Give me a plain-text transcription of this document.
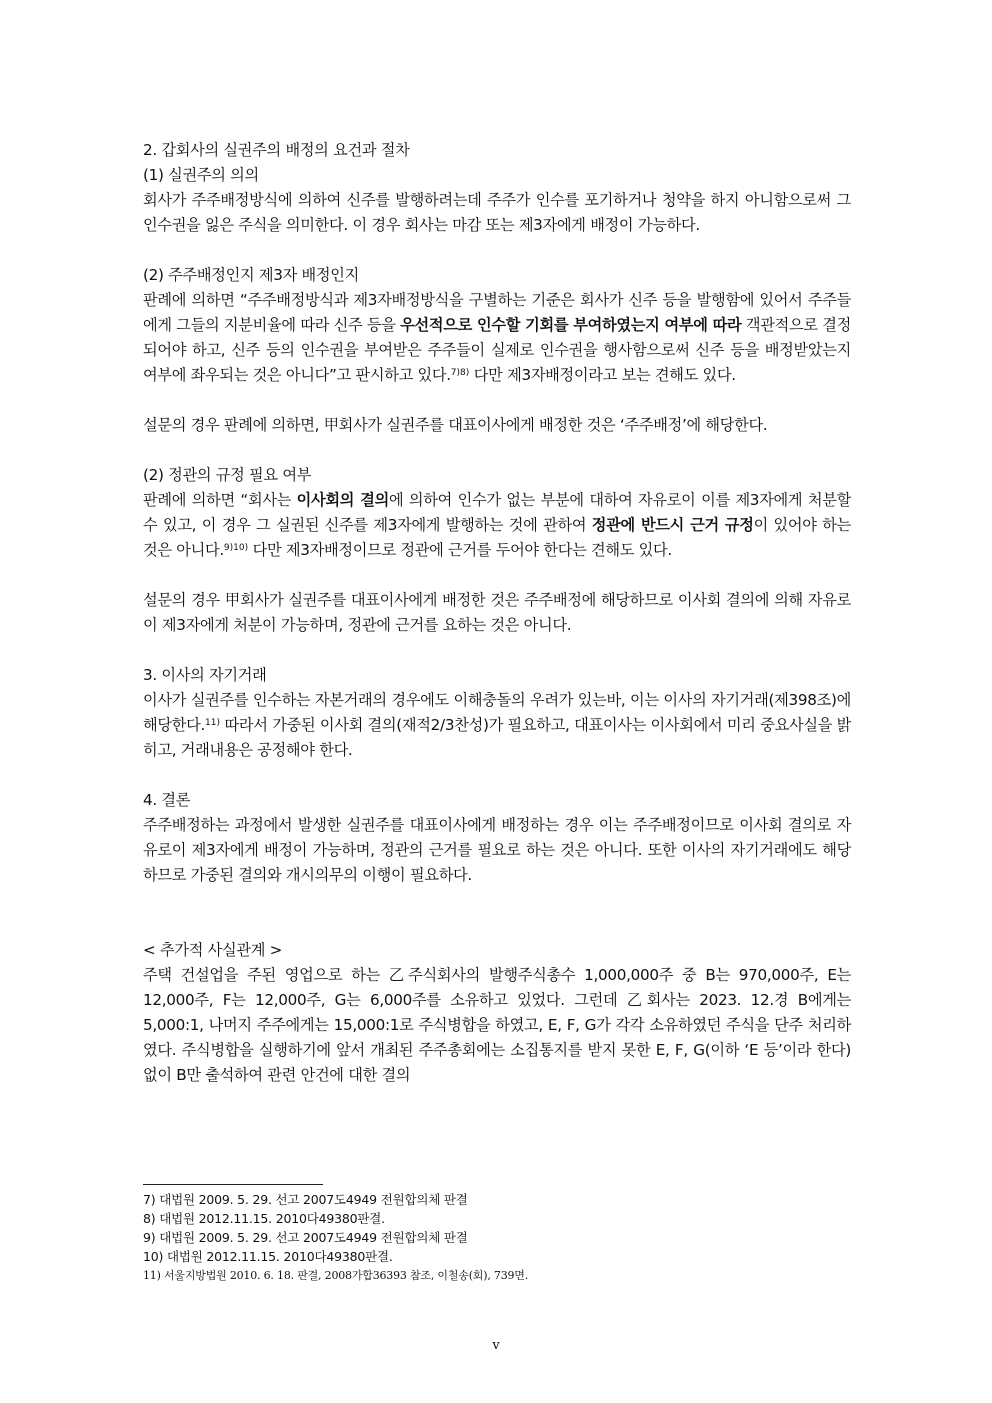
2. 갑회사의 실권주의 배정의 요건과 절차
(1) 실권주의 의의

회사가 주주배정방식에 의하여 신주를 발행하려는데 주주가 인수를 포기하거나 청약을 하지 아니함으로써 그 인수권을 잃은 주식을 의미한다. 이 경우 회사는 마감 또는 제3자에게 배정이 가능하다.

(2) 주주배정인지 제3자 배정인지

판례에 의하면 “주주배정방식과 제3자배정방식을 구별하는 기준은 회사가 신주 등을 발행함에 있어서 주주들에게 그들의 지분비율에 따라 신주 등을 우선적으로 인수할 기회를 부여하였는지 여부에 따라 객관적으로 결정되어야 하고, 신주 등의 인수권을 부여받은 주주들이 실제로 인수권을 행사함으로써 신주 등을 배정받았는지 여부에 좌우되는 것은 아니다”고 판시하고 있다.$^{7)8)}$ 다만 제3자배정이라고 보는 견해도 있다.

설문의 경우 판례에 의하면, 甲회사가 실권주를 대표이사에게 배정한 것은 ‘주주배정’에 해당한다.

(2) 정관의 규정 필요 여부

판례에 의하면 “회사는 이사회의 결의에 의하여 인수가 없는 부분에 대하여 자유로이 이를 제3자에게 처분할 수 있고, 이 경우 그 실권된 신주를 제3자에게 발행하는 것에 관하여 정관에 반드시 근거 규정이 있어야 하는 것은 아니다.$^{9)10)}$ 다만 제3자배정이므로 정관에 근거를 두어야 한다는 견해도 있다.

설문의 경우 甲회사가 실권주를 대표이사에게 배정한 것은 주주배정에 해당하므로 이사회 결의에 의해 자유로이 제3자에게 처분이 가능하며, 정관에 근거를 요하는 것은 아니다.

3. 이사의 자기거래

이사가 실권주를 인수하는 자본거래의 경우에도 이해충돌의 우려가 있는바, 이는 이사의 자기거래(제398조)에 해당한다.$^{11)}$ 따라서 가중된 이사회 결의(재적2/3찬성)가 필요하고, 대표이사는 이사회에서 미리 중요사실을 밝히고, 거래내용은 공정해야 한다.

4. 결론

주주배정하는 과정에서 발생한 실권주를 대표이사에게 배정하는 경우 이는 주주배정이므로 이사회 결의로 자유로이 제3자에게 배정이 가능하며, 정관의 근거를 필요로 하는 것은 아니다. 또한 이사의 자기거래에도 해당하므로 가중된 결의와 개시의무의 이행이 필요하다.

< 추가적 사실관계 >

주택 건설업을 주된 영업으로 하는 乙주식회사의 발행주식총수 1,000,000주 중 B는 970,000주, E는 12,000주, F는 12,000주, G는 6,000주를 소유하고 있었다. 그런데 乙회사는 2023. 12.경 B에게는 5,000:1, 나머지 주주에게는 15,000:1로 주식병합을 하였고, E, F, G가 각각 소유하였던 주식을 단주 처리하였다. 주식병합을 실행하기에 앞서 개최된 주주총회에는 소집통지를 받지 못한 E, F, G(이하 ‘E 등’이라 한다) 없이 B만 출석하여 관련 안건에 대한 결의

7) 대법원 2009. 5. 29. 선고 2007도4949 전원합의체 판결
8) 대법원 2012.11.15. 2010다49380판결.
9) 대법원 2009. 5. 29. 선고 2007도4949 전원합의체 판결
10) 대법원 2012.11.15. 2010다49380판결.
11) 서울지방법원 2010. 6. 18. 판결, 2008가합36393 참조, 이철송(회), 739면.
v
